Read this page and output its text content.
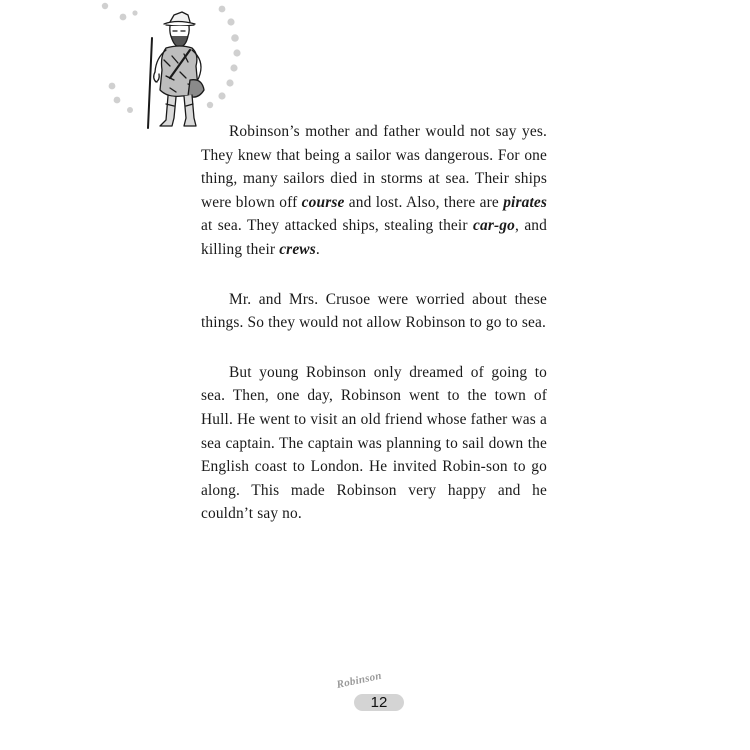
Robinson’s mother and father would not say yes. They knew that being a sailor was dangerous. For one thing, many sailors died in storms at sea. Their ships were blown off course and lost. Also, there are pirates at sea. They attacked ships, stealing their car-go, and killing their crews.

Mr. and Mrs. Crusoe were worried about these things. So they would not allow Robinson to go to sea.

But young Robinson only dreamed of going to sea. Then, one day, Robinson went to the town of Hull. He went to visit an old friend whose father was a sea captain. The captain was planning to sail down the English coast to London. He invited Robin-son to go along. This made Robinson very happy and he couldn’t say no.

Robinson
12
